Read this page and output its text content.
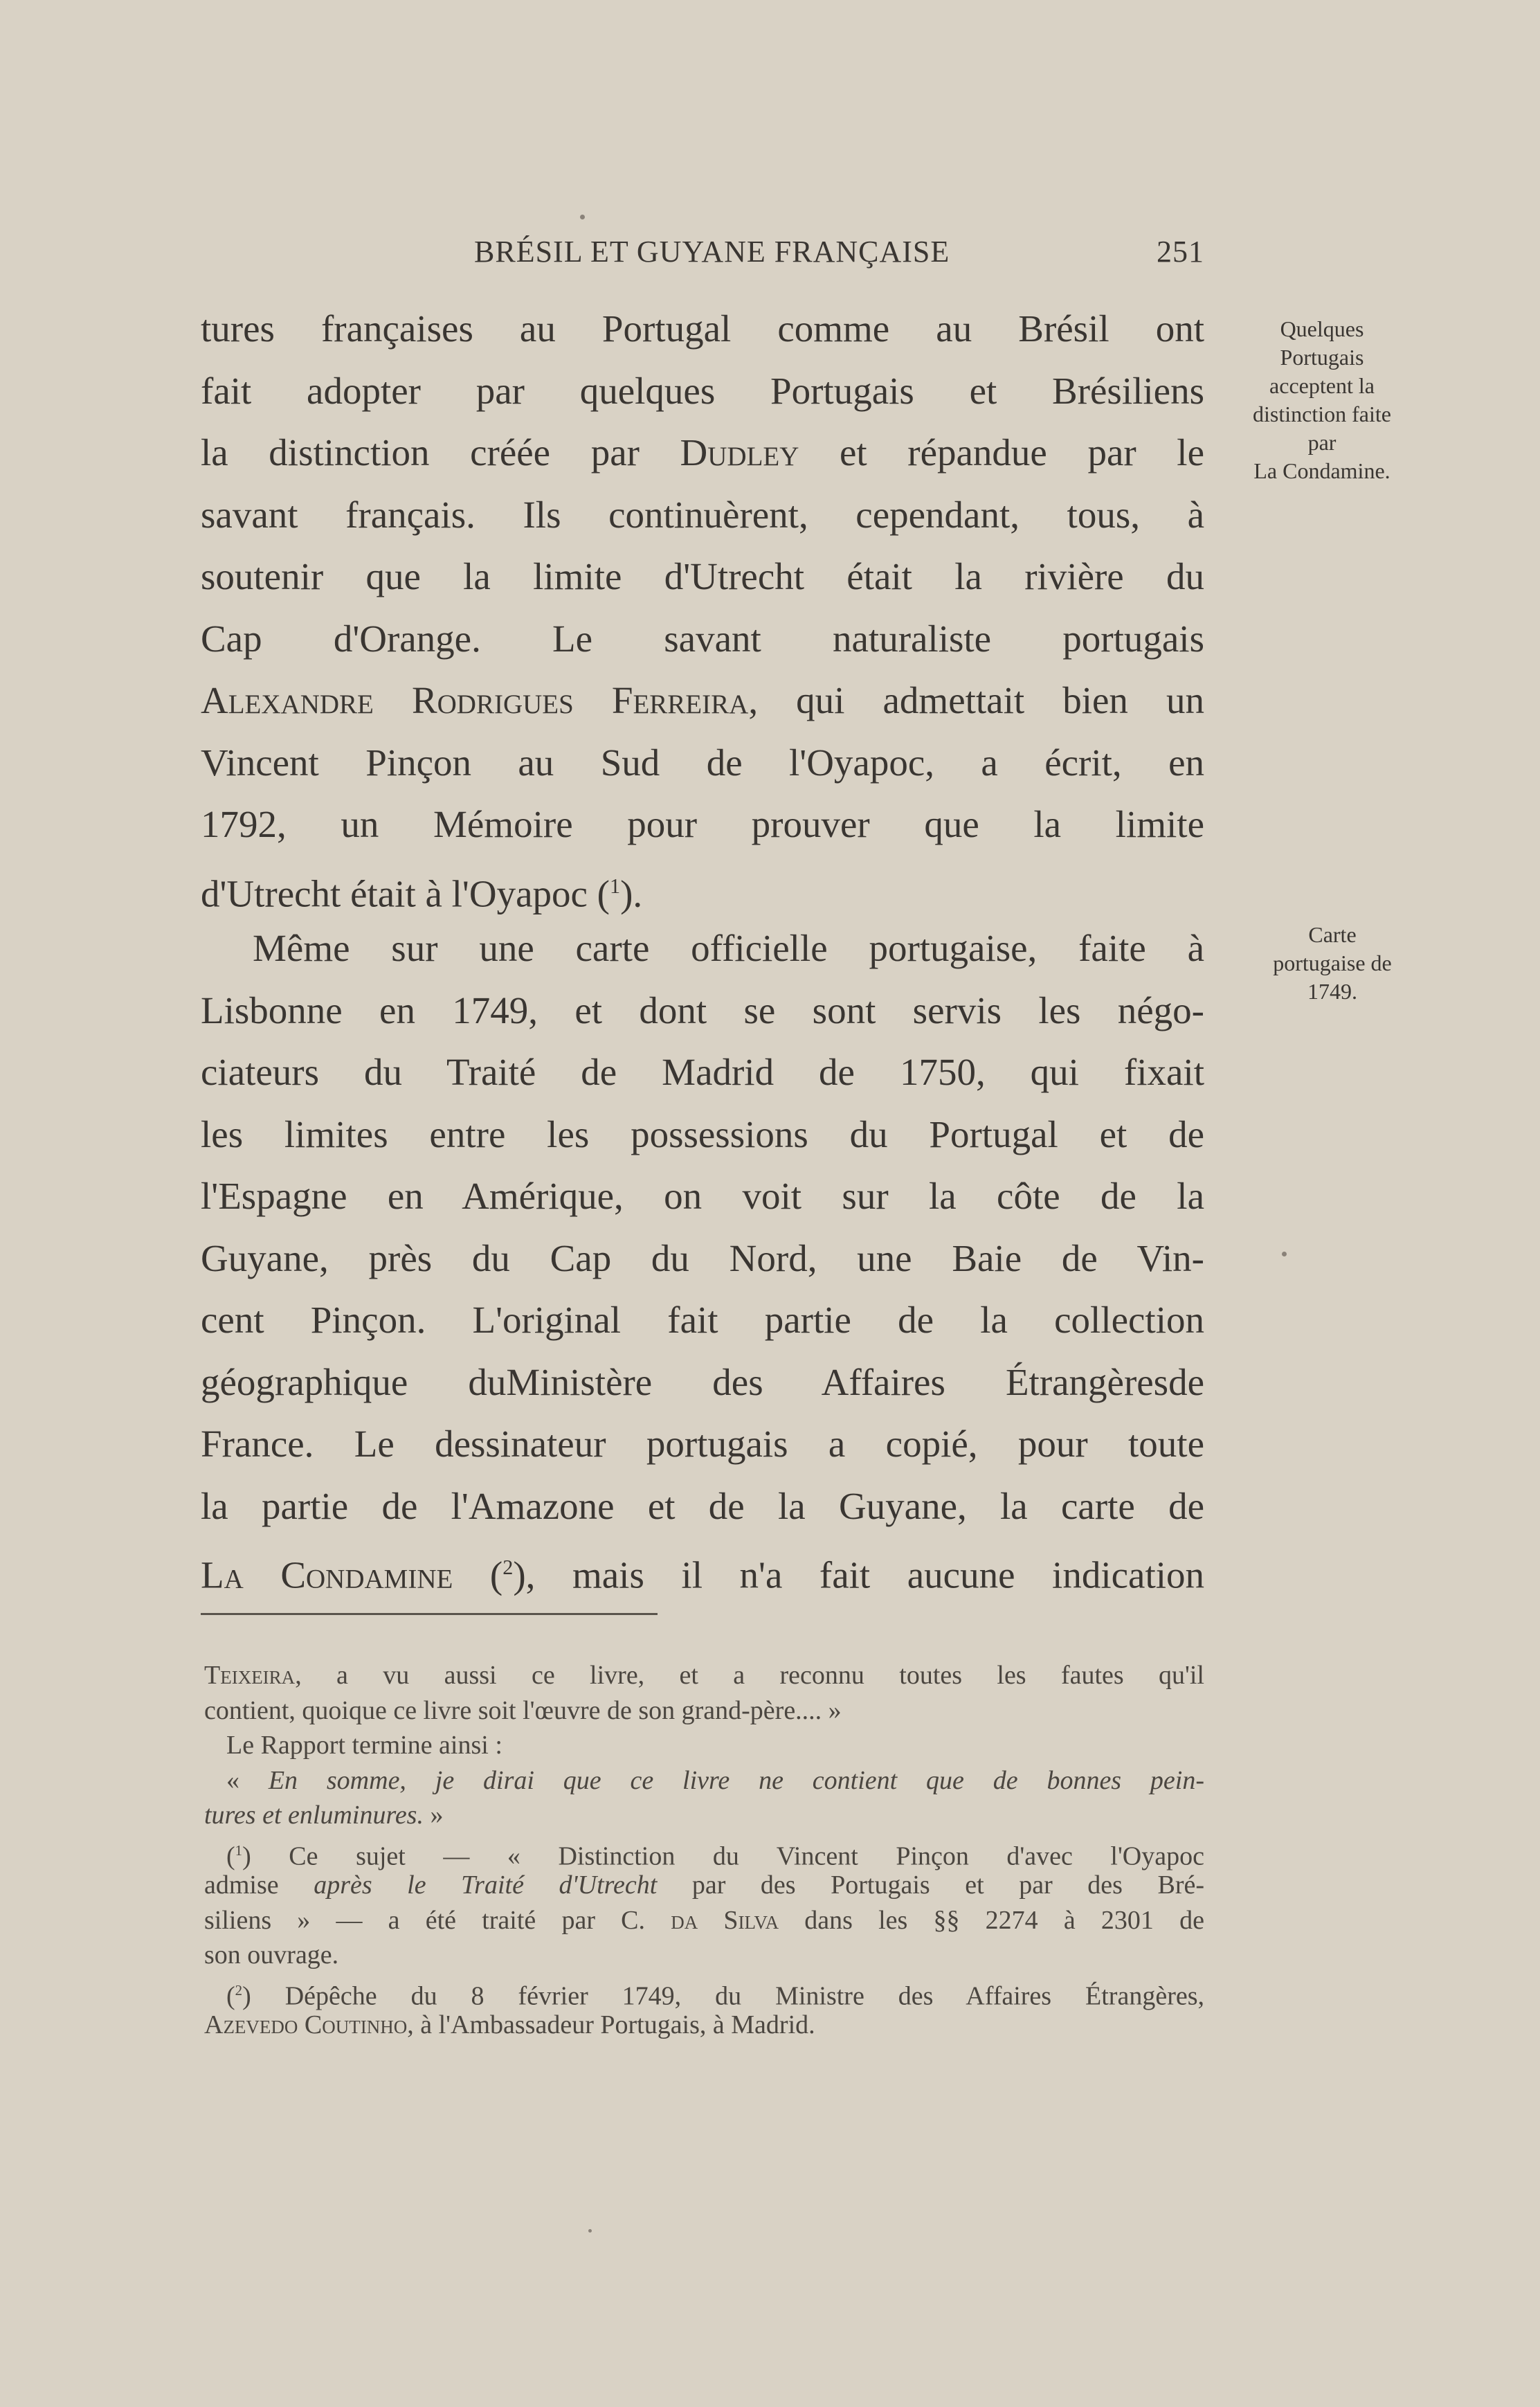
BRÉSIL ET GUYANE FRANÇAISE	251
tures françaises au Portugal comme au Brésil ont
fait adopter par quelques Portugais et Brésiliens
la distinction créée par Dudley et répandue par le
savant français. Ils continuèrent, cependant, tous, à
soutenir que la limite d'Utrecht était la rivière du
Cap d'Orange. Le savant naturaliste portugais
Alexandre Rodrigues Ferreira, qui admettait bien un
Vincent Pinçon au Sud de l'Oyapoc, a écrit, en
1792, un Mémoire pour prouver que la limite
d'Utrecht était à l'Oyapoc ($^1$).
Même sur une carte officielle portugaise, faite à
Lisbonne en 1749, et dont se sont servis les négo-
ciateurs du Traité de Madrid de 1750, qui fixait
les limites entre les possessions du Portugal et de
l'Espagne en Amérique, on voit sur la côte de la
Guyane, près du Cap du Nord, une Baie de Vin-
cent Pinçon. L'original fait partie de la collection
géographique duMinistère des Affaires Étrangèresde
France. Le dessinateur portugais a copié, pour toute
la partie de l'Amazone et de la Guyane, la carte de
La Condamine ($^2$), mais il n'a fait aucune indication
Quelques
Portugais
acceptent la
distinction faite
par
La Condamine.
Carte
portugaise de
1749.
Teixeira, a vu aussi ce livre, et a reconnu toutes les fautes qu'il
contient, quoique ce livre soit l'œuvre de son grand-père.... »
Le Rapport termine ainsi :
« En somme, je dirai que ce livre ne contient que de bonnes pein-
tures et enluminures. »
($^1$) Ce sujet — « Distinction du Vincent Pinçon d'avec l'Oyapoc
admise après le Traité d'Utrecht par des Portugais et par des Bré-
siliens » — a été traité par C. da Silva dans les §§ 2274 à 2301 de
son ouvrage.
($^2$) Dépêche du 8 février 1749, du Ministre des Affaires Étrangères,
Azevedo Coutinho, à l'Ambassadeur Portugais, à Madrid.
